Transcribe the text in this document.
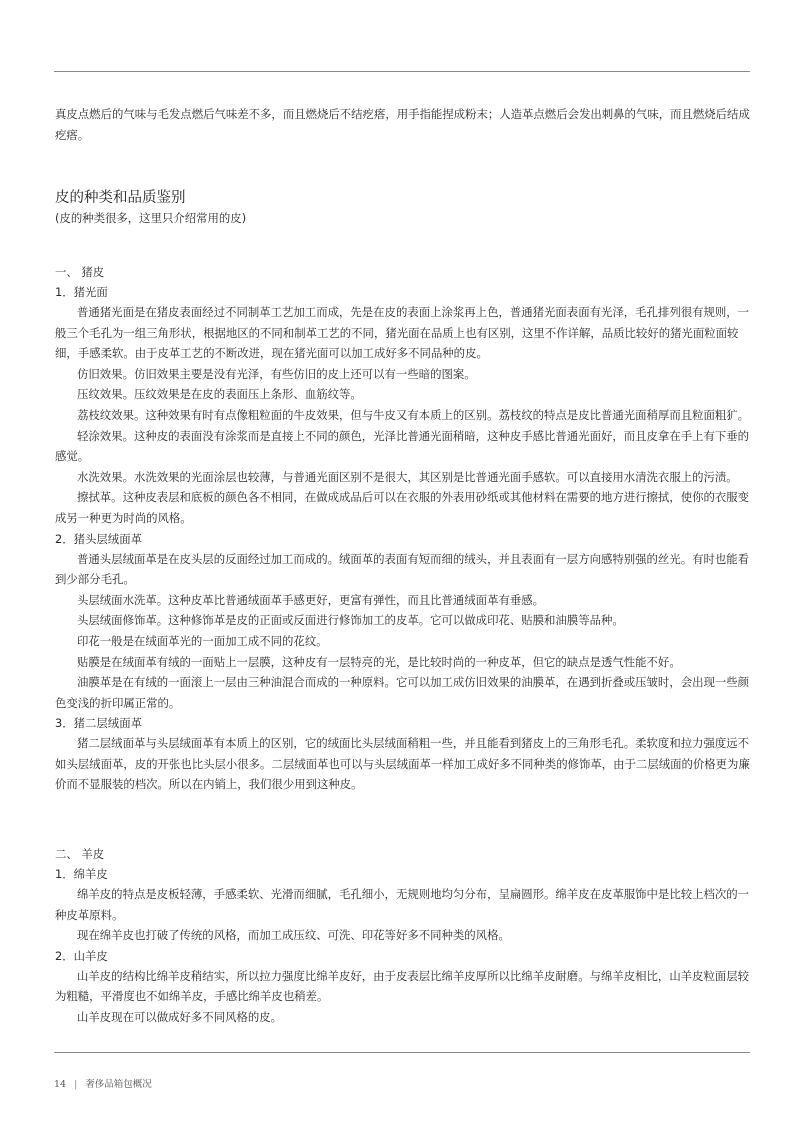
真皮点燃后的气味与毛发点燃后气味差不多，而且燃烧后不结疙瘩，用手指能捏成粉末；人造革点燃后会发出刺鼻的气味，而且燃烧后结成疙瘩。

皮的种类和品质鉴别
(皮的种类很多，这里只介绍常用的皮)

一、 猪皮

1．猪光面

普通猪光面是在猪皮表面经过不同制革工艺加工而成，先是在皮的表面上涂浆再上色，普通猪光面表面有光泽，毛孔排列很有规则，一般三个毛孔为一组三角形状，根据地区的不同和制革工艺的不同，猪光面在品质上也有区别，这里不作详解，品质比较好的猪光面粒面较细，手感柔软。由于皮革工艺的不断改进，现在猪光面可以加工成好多不同品种的皮。

仿旧效果。仿旧效果主要是没有光泽，有些仿旧的皮上还可以有一些暗的图案。

压纹效果。压纹效果是在皮的表面压上条形、血筋纹等。

荔枝纹效果。这种效果有时有点像粗粒面的牛皮效果，但与牛皮又有本质上的区别。荔枝纹的特点是皮比普通光面稍厚而且粒面粗犷。

轻涂效果。这种皮的表面没有涂浆而是直接上不同的颜色，光泽比普通光面稍暗，这种皮手感比普通光面好，而且皮拿在手上有下垂的感觉。

水洗效果。水洗效果的光面涂层也较薄，与普通光面区别不是很大，其区别是比普通光面手感软。可以直接用水清洗衣服上的污渍。

擦拭革。这种皮表层和底板的颜色各不相同，在做成成品后可以在衣服的外表用砂纸或其他材料在需要的地方进行擦拭，使你的衣服变成另一种更为时尚的风格。

2．猪头层绒面革

普通头层绒面革是在皮头层的反面经过加工而成的。绒面革的表面有短而细的绒头，并且表面有一层方向感特别强的丝光。有时也能看到少部分毛孔。

头层绒面水洗革。这种皮革比普通绒面革手感更好，更富有弹性，而且比普通绒面革有垂感。

头层绒面修饰革。这种修饰革是皮的正面或反面进行修饰加工的皮革。它可以做成印花、贴膜和油膜等品种。

印花一般是在绒面革光的一面加工成不同的花纹。

贴膜是在绒面革有绒的一面贴上一层膜，这种皮有一层特亮的光，是比较时尚的一种皮革，但它的缺点是透气性能不好。

油膜革是在有绒的一面滚上一层由三种油混合而成的一种原料。它可以加工成仿旧效果的油膜革，在遇到折叠或压皱时，会出现一些颜色变浅的折印属正常的。

3．猪二层绒面革

猪二层绒面革与头层绒面革有本质上的区别，它的绒面比头层绒面稍粗一些，并且能看到猪皮上的三角形毛孔。柔软度和拉力强度远不如头层绒面革，皮的开张也比头层小很多。二层绒面革也可以与头层绒面革一样加工成好多不同种类的修饰革，由于二层绒面的价格更为廉价而不显服装的档次。所以在内销上，我们很少用到这种皮。

二、 羊皮

1．绵羊皮

绵羊皮的特点是皮板轻薄，手感柔软、光滑而细腻，毛孔细小，无规则地均匀分布，呈扁圆形。绵羊皮在皮革服饰中是比较上档次的一种皮革原料。

现在绵羊皮也打破了传统的风格，而加工成压纹、可洗、印花等好多不同种类的风格。

2．山羊皮

山羊皮的结构比绵羊皮稍结实，所以拉力强度比绵羊皮好，由于皮表层比绵羊皮厚所以比绵羊皮耐磨。与绵羊皮相比，山羊皮粒面层较为粗糙，平滑度也不如绵羊皮，手感比绵羊皮也稍差。

山羊皮现在可以做成好多不同风格的皮。

14 | 奢侈品箱包概况
